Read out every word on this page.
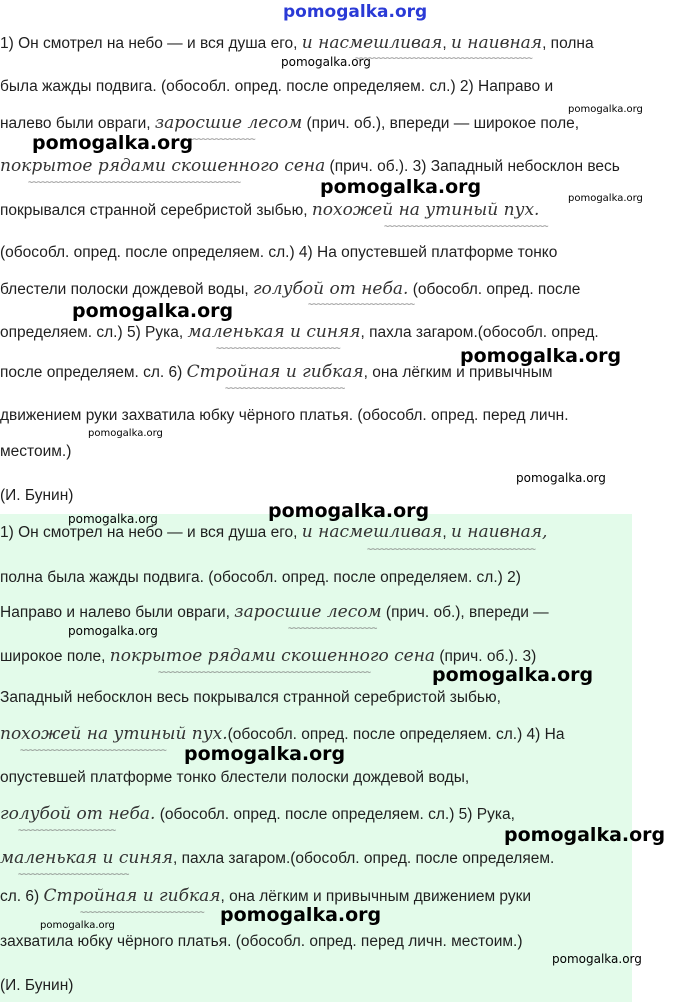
pomogalka.org
1) Он смотрел на небо — и вся душа его, и насмешливая, и наивная, полна
была жажды подвига. (обособл. опред. после определяем. сл.) 2) Направо и
налево были овраги, заросшие лесом (прич. об.), впереди — широкое поле,
покрытое рядами скошенного сена (прич. об.). 3) Западный небосклон весь
покрывался странной серебристой зыбью, похожей на утиный пух.
(обособл. опред. после определяем. сл.) 4) На опустевшей платформе тонко
блестели полоски дождевой воды, голубой от неба. (обособл. опред. после
определяем. сл.) 5) Рука, маленькая и синяя, пахла загаром.(обособл. опред.
после определяем. сл. 6) Стройная и гибкая, она лёгким и привычным
движением руки захватила юбку чёрного платья. (обособл. опред. перед личн.
местоим.)
(И. Бунин)
~~~~~~~~~~~~~~~~~~~~~~~~~~~~~~~~~~~~~~~~
~~~~~~~~~~~~~~~~
~~~~~~~~~~~~~~~~~~~~~~~~~~~~~~~~~~~~~~~~~~~~~~~~
~~~~~~~~~~~~~~~~~~~~~~~~~~~~~~~~~~~~~
~~~~~~~~~~~~~~~~~~~~~~~~
~~~~~~~~~~~~~~~~~~~~~~~~~~~~
~~~~~~~~~~~~~~~~~~~~~~~~~~~
1) Он смотрел на небо — и вся душа его, и насмешливая, и наивная,
полна была жажды подвига. (обособл. опред. после определяем. сл.) 2)
Направо и налево были овраги, заросшие лесом (прич. об.), впереди —
широкое поле, покрытое рядами скошенного сена (прич. об.). 3)
Западный небосклон весь покрывался странной серебристой зыбью,
похожей на утиный пух.(обособл. опред. после определяем. сл.) 4) На
опустевшей платформе тонко блестели полоски дождевой воды,
голубой от неба. (обособл. опред. после определяем. сл.) 5) Рука,
маленькая и синяя, пахла загаром.(обособл. опред. после определяем.
сл. 6) Стройная и гибкая, она лёгким и привычным движением руки
захватила юбку чёрного платья. (обособл. опред. перед личн. местоим.)
(И. Бунин)
~~~~~~~~~~~~~~~~~~~~~~~~~~~~~~~~~~~~~~
~~~~~~~~~~~~~~~~~~~~
~~~~~~~~~~~~~~~~~~~~~~~~~~~~~~~~~~~~~~~~~~~~~~~~
~~~~~~~~~~~~~~~~~~~~~~~~~~~~~~~~~
~~~~~~~~~~~~~~~~~~~~~~
~~~~~~~~~~~~~~~~~~~~~~~~~
~~~~~~~~~~~~~~~~~~~~~~~~~~~~
pomogalka.org
pomogalka.org
pomogalka.org
pomogalka.org
pomogalka.org
pomogalka.org
pomogalka.org
pomogalka.org
pomogalka.org
pomogalka.org
pomogalka.org
pomogalka.org
pomogalka.org
pomogalka.org
pomogalka.org
pomogalka.org
pomogalka.org
pomogalka.org
